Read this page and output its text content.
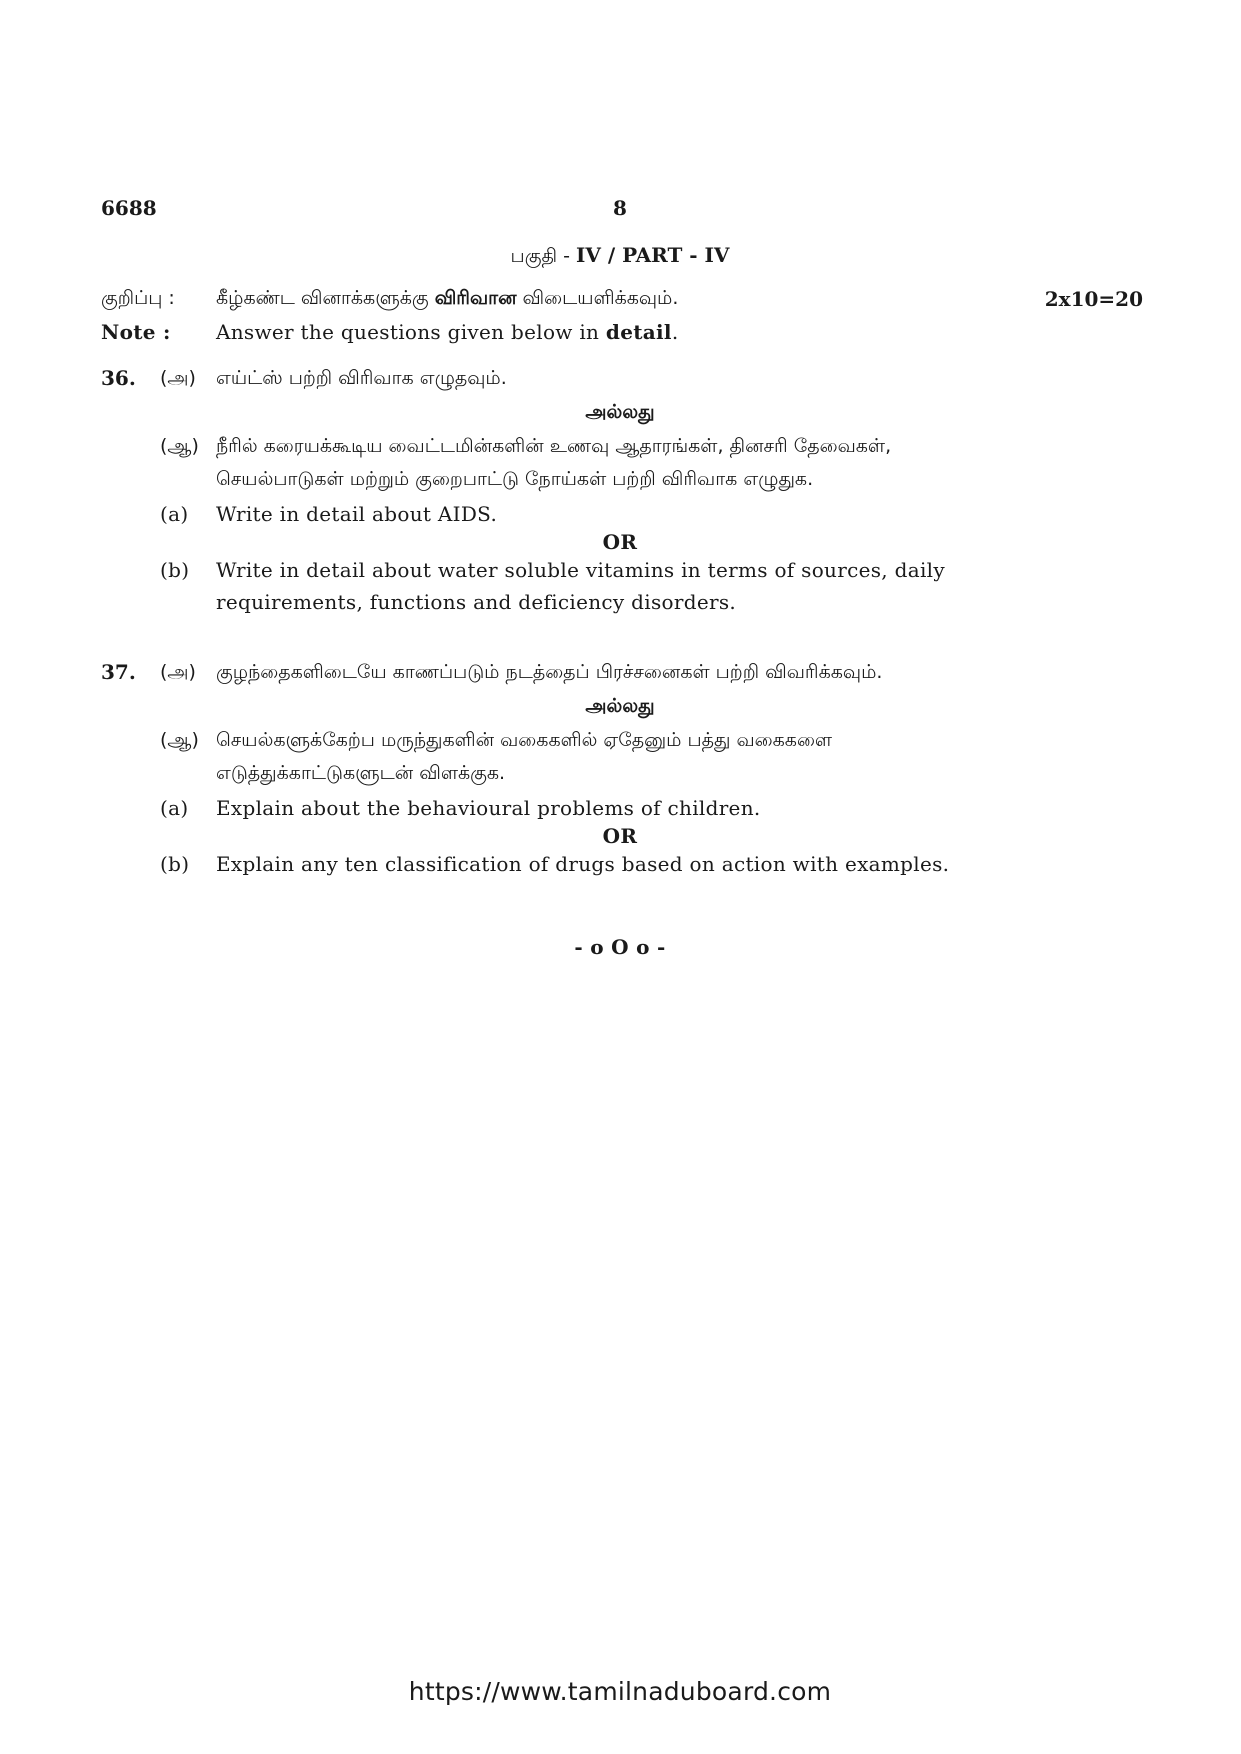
6688	8
பகுதி - IV / PART - IV
குறிப்பு : கீழ்கண்ட வினாக்களுக்கு விரிவான விடையளிக்கவும்.	2x10=20
Note : Answer the questions given below in detail.
36. (அ) எய்ட்ஸ் பற்றி விரிவாக எழுதவும்.
அல்லது
(ஆ) நீரில் கரையக்கூடிய வைட்டமின்களின் உணவு ஆதாரங்கள், தினசரி தேவைகள்,
செயல்பாடுகள் மற்றும் குறைபாட்டு நோய்கள் பற்றி விரிவாக எழுதுக.
(a) Write in detail about AIDS.
OR
(b) Write in detail about water soluble vitamins in terms of sources, daily
requirements, functions and deficiency disorders.
37. (அ) குழந்தைகளிடையே காணப்படும் நடத்தைப் பிரச்சனைகள் பற்றி விவரிக்கவும்.
அல்லது
(ஆ) செயல்களுக்கேற்ப மருந்துகளின் வகைகளில் ஏதேனும் பத்து வகைகளை
எடுத்துக்காட்டுகளுடன் விளக்குக.
(a) Explain about the behavioural problems of children.
OR
(b) Explain any ten classification of drugs based on action with examples.
- o O o -
https://www.tamilnaduboard.com
